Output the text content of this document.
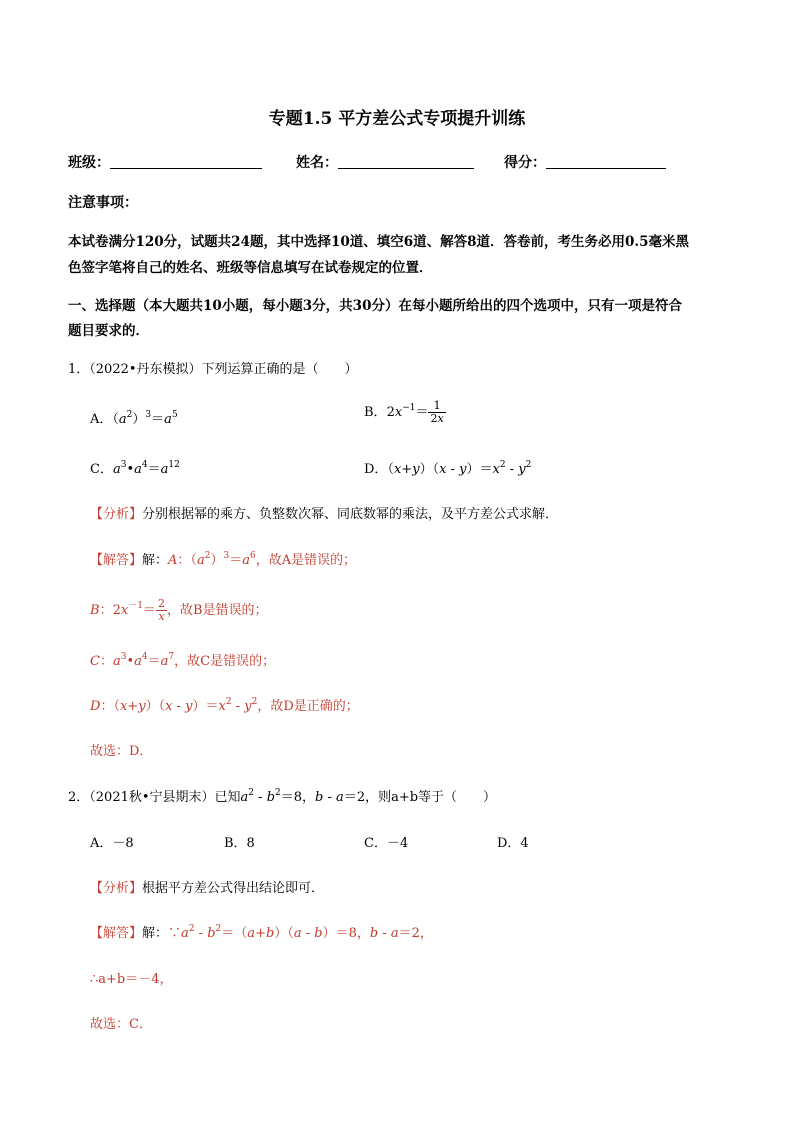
专题1.5 平方差公式专项提升训练
班级：	姓名：	得分：
注意事项：
本试卷满分120分，试题共24题，其中选择10道、填空6道、解答8道．答卷前，考生务必用0.5毫米黑
色签字笔将自己的姓名、班级等信息填写在试卷规定的位置．
一、选择题（本大题共10小题，每小题3分，共30分）在每小题所给出的四个选项中，只有一项是符合
题目要求的．
1．（2022•丹东模拟）下列运算正确的是（　　）
A．$(a^2)^3=a^5$	B．$2x^{-1}= \frac{1}{2x}$
C．$a^3•a^4=a^{12}$	D．$(x+y)(x - y)=x^2 - y^2$
【分析】分别根据幂的乘方、负整数次幂、同底数幂的乘法，及平方差公式求解．
【解答】解：A：$(a^2)^3=a^6$，故A是错误的；
B：$2x^{-1}= \frac{2}{x}$ ，故B是错误的；
C：$a^3•a^4=a^7$，故C是错误的；
D：$(x+y)(x - y)=x^2 - y^2$，故D是正确的；
故选：D．
2．（2021秋•宁县期末）已知$a^2 - b^2=8$，b - a＝2，则a+b等于（　　）
A．－8	B．8	C．－4	D．4
【分析】根据平方差公式得出结论即可．
【解答】解：$\because a^2 - b^2=(a+b)(a - b)=8$，b - a＝2，
∴a+b＝－4，
故选：C．
